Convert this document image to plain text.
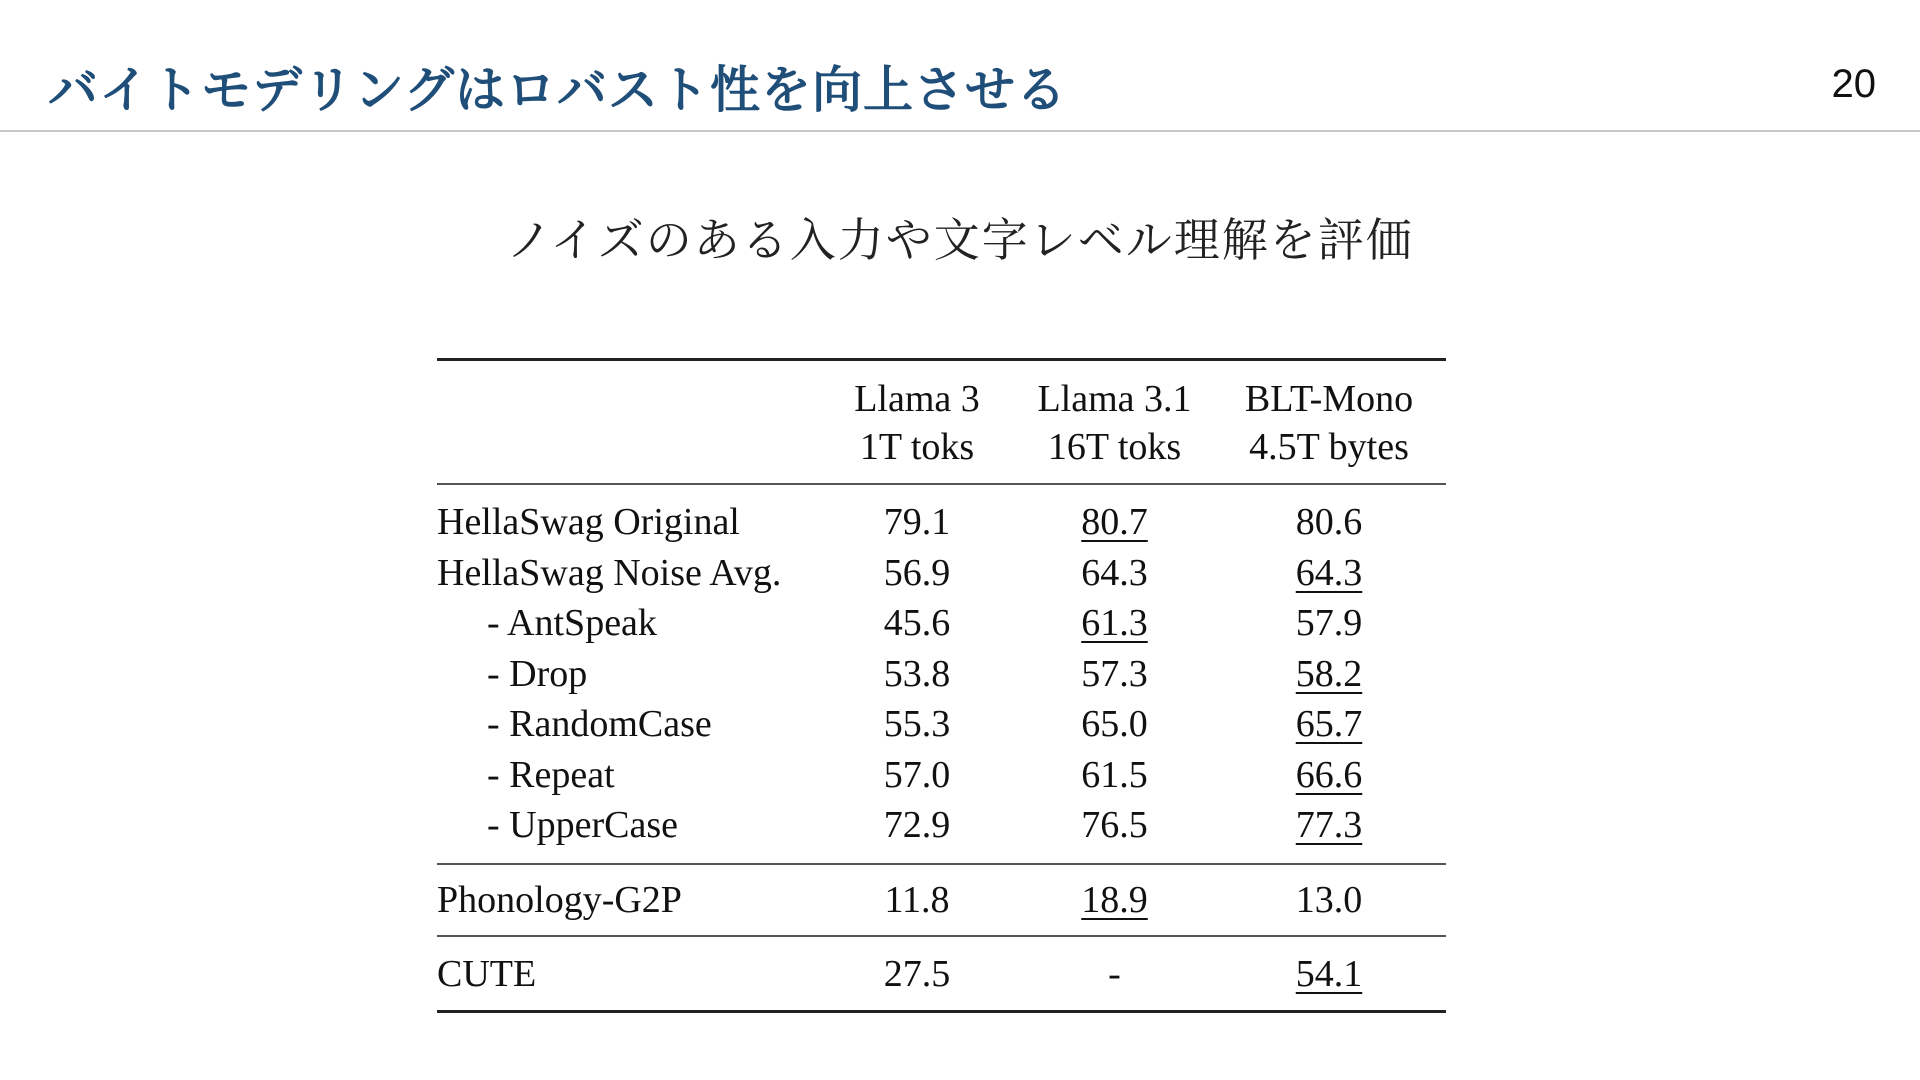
バイトモデリングはロバスト性を向上させる	20
ノイズのある入力や文字レベル理解を評価
	Llama 3	Llama 3.1	BLT-Mono
	1T toks	16T toks	4.5T bytes
HellaSwag Original	79.1	80.7	80.6
HellaSwag Noise Avg.	56.9	64.3	64.3
- AntSpeak	45.6	61.3	57.9
- Drop	53.8	57.3	58.2
- RandomCase	55.3	65.0	65.7
- Repeat	57.0	61.5	66.6
- UpperCase	72.9	76.5	77.3
Phonology-G2P	11.8	18.9	13.0
CUTE	27.5	-	54.1
